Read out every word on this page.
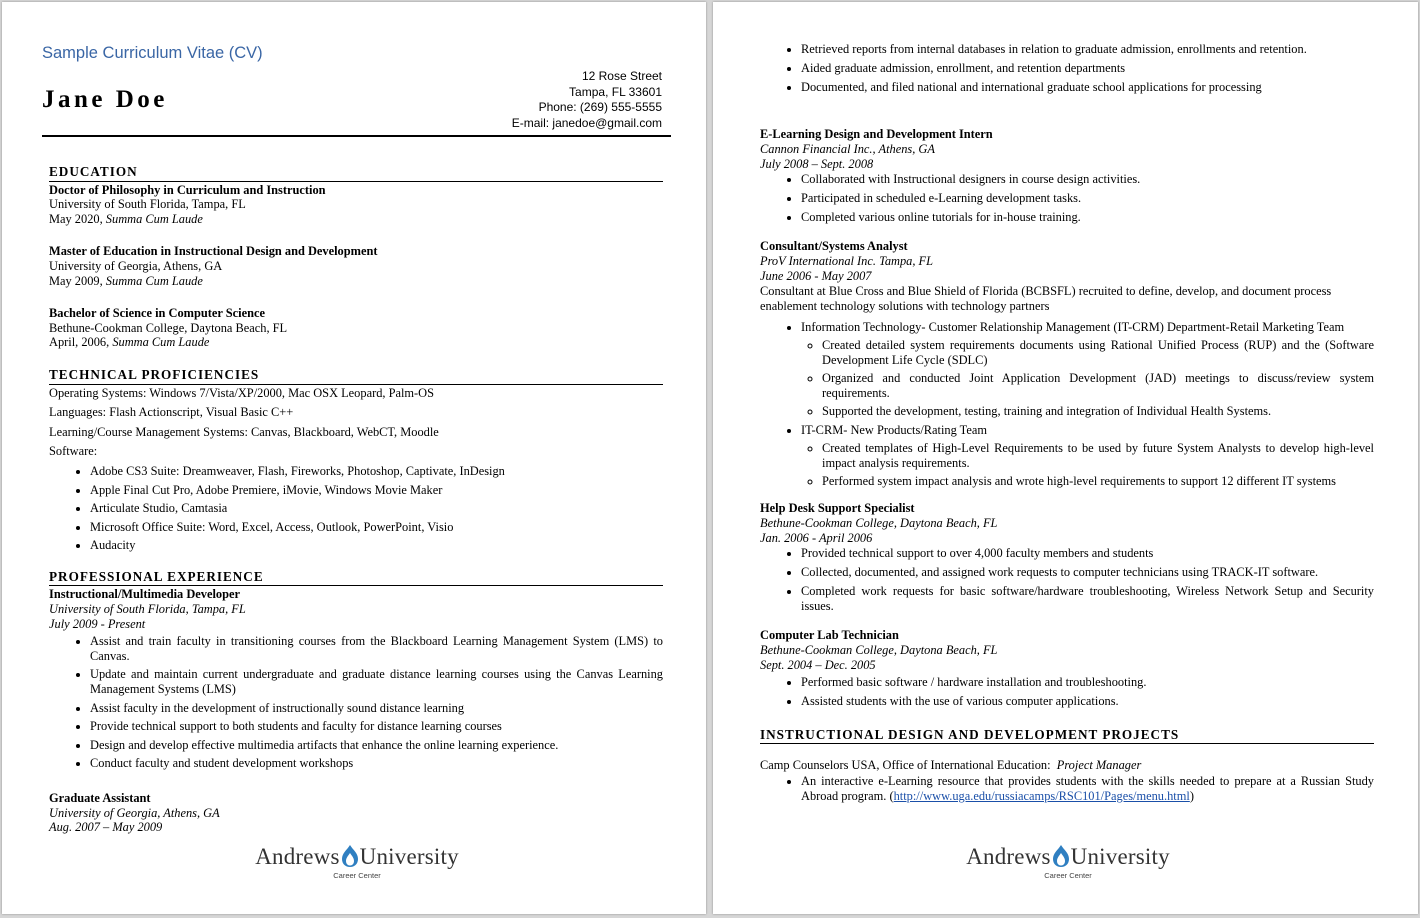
Sample Curriculum Vitae (CV)
Jane Doe
12 Rose Street
Tampa, FL 33601
Phone: (269) 555-5555
E-mail: janedoe@gmail.com
EDUCATION
Doctor of Philosophy in Curriculum and Instruction
University of South Florida, Tampa, FL
May 2020, Summa Cum Laude
Master of Education in Instructional Design and Development
University of Georgia, Athens, GA
May 2009, Summa Cum Laude
Bachelor of Science in Computer Science
Bethune-Cookman College, Daytona Beach, FL
April, 2006, Summa Cum Laude
TECHNICAL PROFICIENCIES
Operating Systems: Windows 7/Vista/XP/2000, Mac OSX Leopard, Palm-OS
Languages: Flash Actionscript, Visual Basic C++
Learning/Course Management Systems: Canvas, Blackboard, WebCT, Moodle
Software:
• Adobe CS3 Suite: Dreamweaver, Flash, Fireworks, Photoshop, Captivate, InDesign
• Apple Final Cut Pro, Adobe Premiere, iMovie, Windows Movie Maker
• Articulate Studio, Camtasia
• Microsoft Office Suite: Word, Excel, Access, Outlook, PowerPoint, Visio
• Audacity
PROFESSIONAL EXPERIENCE
Instructional/Multimedia Developer
University of South Florida, Tampa, FL
July 2009 - Present
• Assist and train faculty in transitioning courses from the Blackboard Learning Management System (LMS) to Canvas.
• Update and maintain current undergraduate and graduate distance learning courses using the Canvas Learning Management Systems (LMS)
• Assist faculty in the development of instructionally sound distance learning
• Provide technical support to both students and faculty for distance learning courses
• Design and develop effective multimedia artifacts that enhance the online learning experience.
• Conduct faculty and student development workshops
Graduate Assistant
University of Georgia, Athens, GA
Aug. 2007 – May 2009
Andrews University
Career Center
• Retrieved reports from internal databases in relation to graduate admission, enrollments and retention.
• Aided graduate admission, enrollment, and retention departments
• Documented, and filed national and international graduate school applications for processing
E-Learning Design and Development Intern
Cannon Financial Inc., Athens, GA
July 2008 – Sept. 2008
• Collaborated with Instructional designers in course design activities.
• Participated in scheduled e-Learning development tasks.
• Completed various online tutorials for in-house training.
Consultant/Systems Analyst
ProV International Inc. Tampa, FL
June 2006 - May 2007
Consultant at Blue Cross and Blue Shield of Florida (BCBSFL) recruited to define, develop, and document process enablement technology solutions with technology partners
• Information Technology- Customer Relationship Management (IT-CRM) Department-Retail Marketing Team
◦ Created detailed system requirements documents using Rational Unified Process (RUP) and the (Software Development Life Cycle (SDLC)
◦ Organized and conducted Joint Application Development (JAD) meetings to discuss/review system requirements.
◦ Supported the development, testing, training and integration of Individual Health Systems.
• IT-CRM- New Products/Rating Team
◦ Created templates of High-Level Requirements to be used by future System Analysts to develop high-level impact analysis requirements.
◦ Performed system impact analysis and wrote high-level requirements to support 12 different IT systems
Help Desk Support Specialist
Bethune-Cookman College, Daytona Beach, FL
Jan. 2006 - April 2006
• Provided technical support to over 4,000 faculty members and students
• Collected, documented, and assigned work requests to computer technicians using TRACK-IT software.
• Completed work requests for basic software/hardware troubleshooting, Wireless Network Setup and Security issues.
Computer Lab Technician
Bethune-Cookman College, Daytona Beach, FL
Sept. 2004 – Dec. 2005
• Performed basic software / hardware installation and troubleshooting.
• Assisted students with the use of various computer applications.
INSTRUCTIONAL DESIGN AND DEVELOPMENT PROJECTS
Camp Counselors USA, Office of International Education: Project Manager
• An interactive e-Learning resource that provides students with the skills needed to prepare at a Russian Study Abroad program. (http://www.uga.edu/russiacamps/RSC101/Pages/menu.html)
Andrews University
Career Center
